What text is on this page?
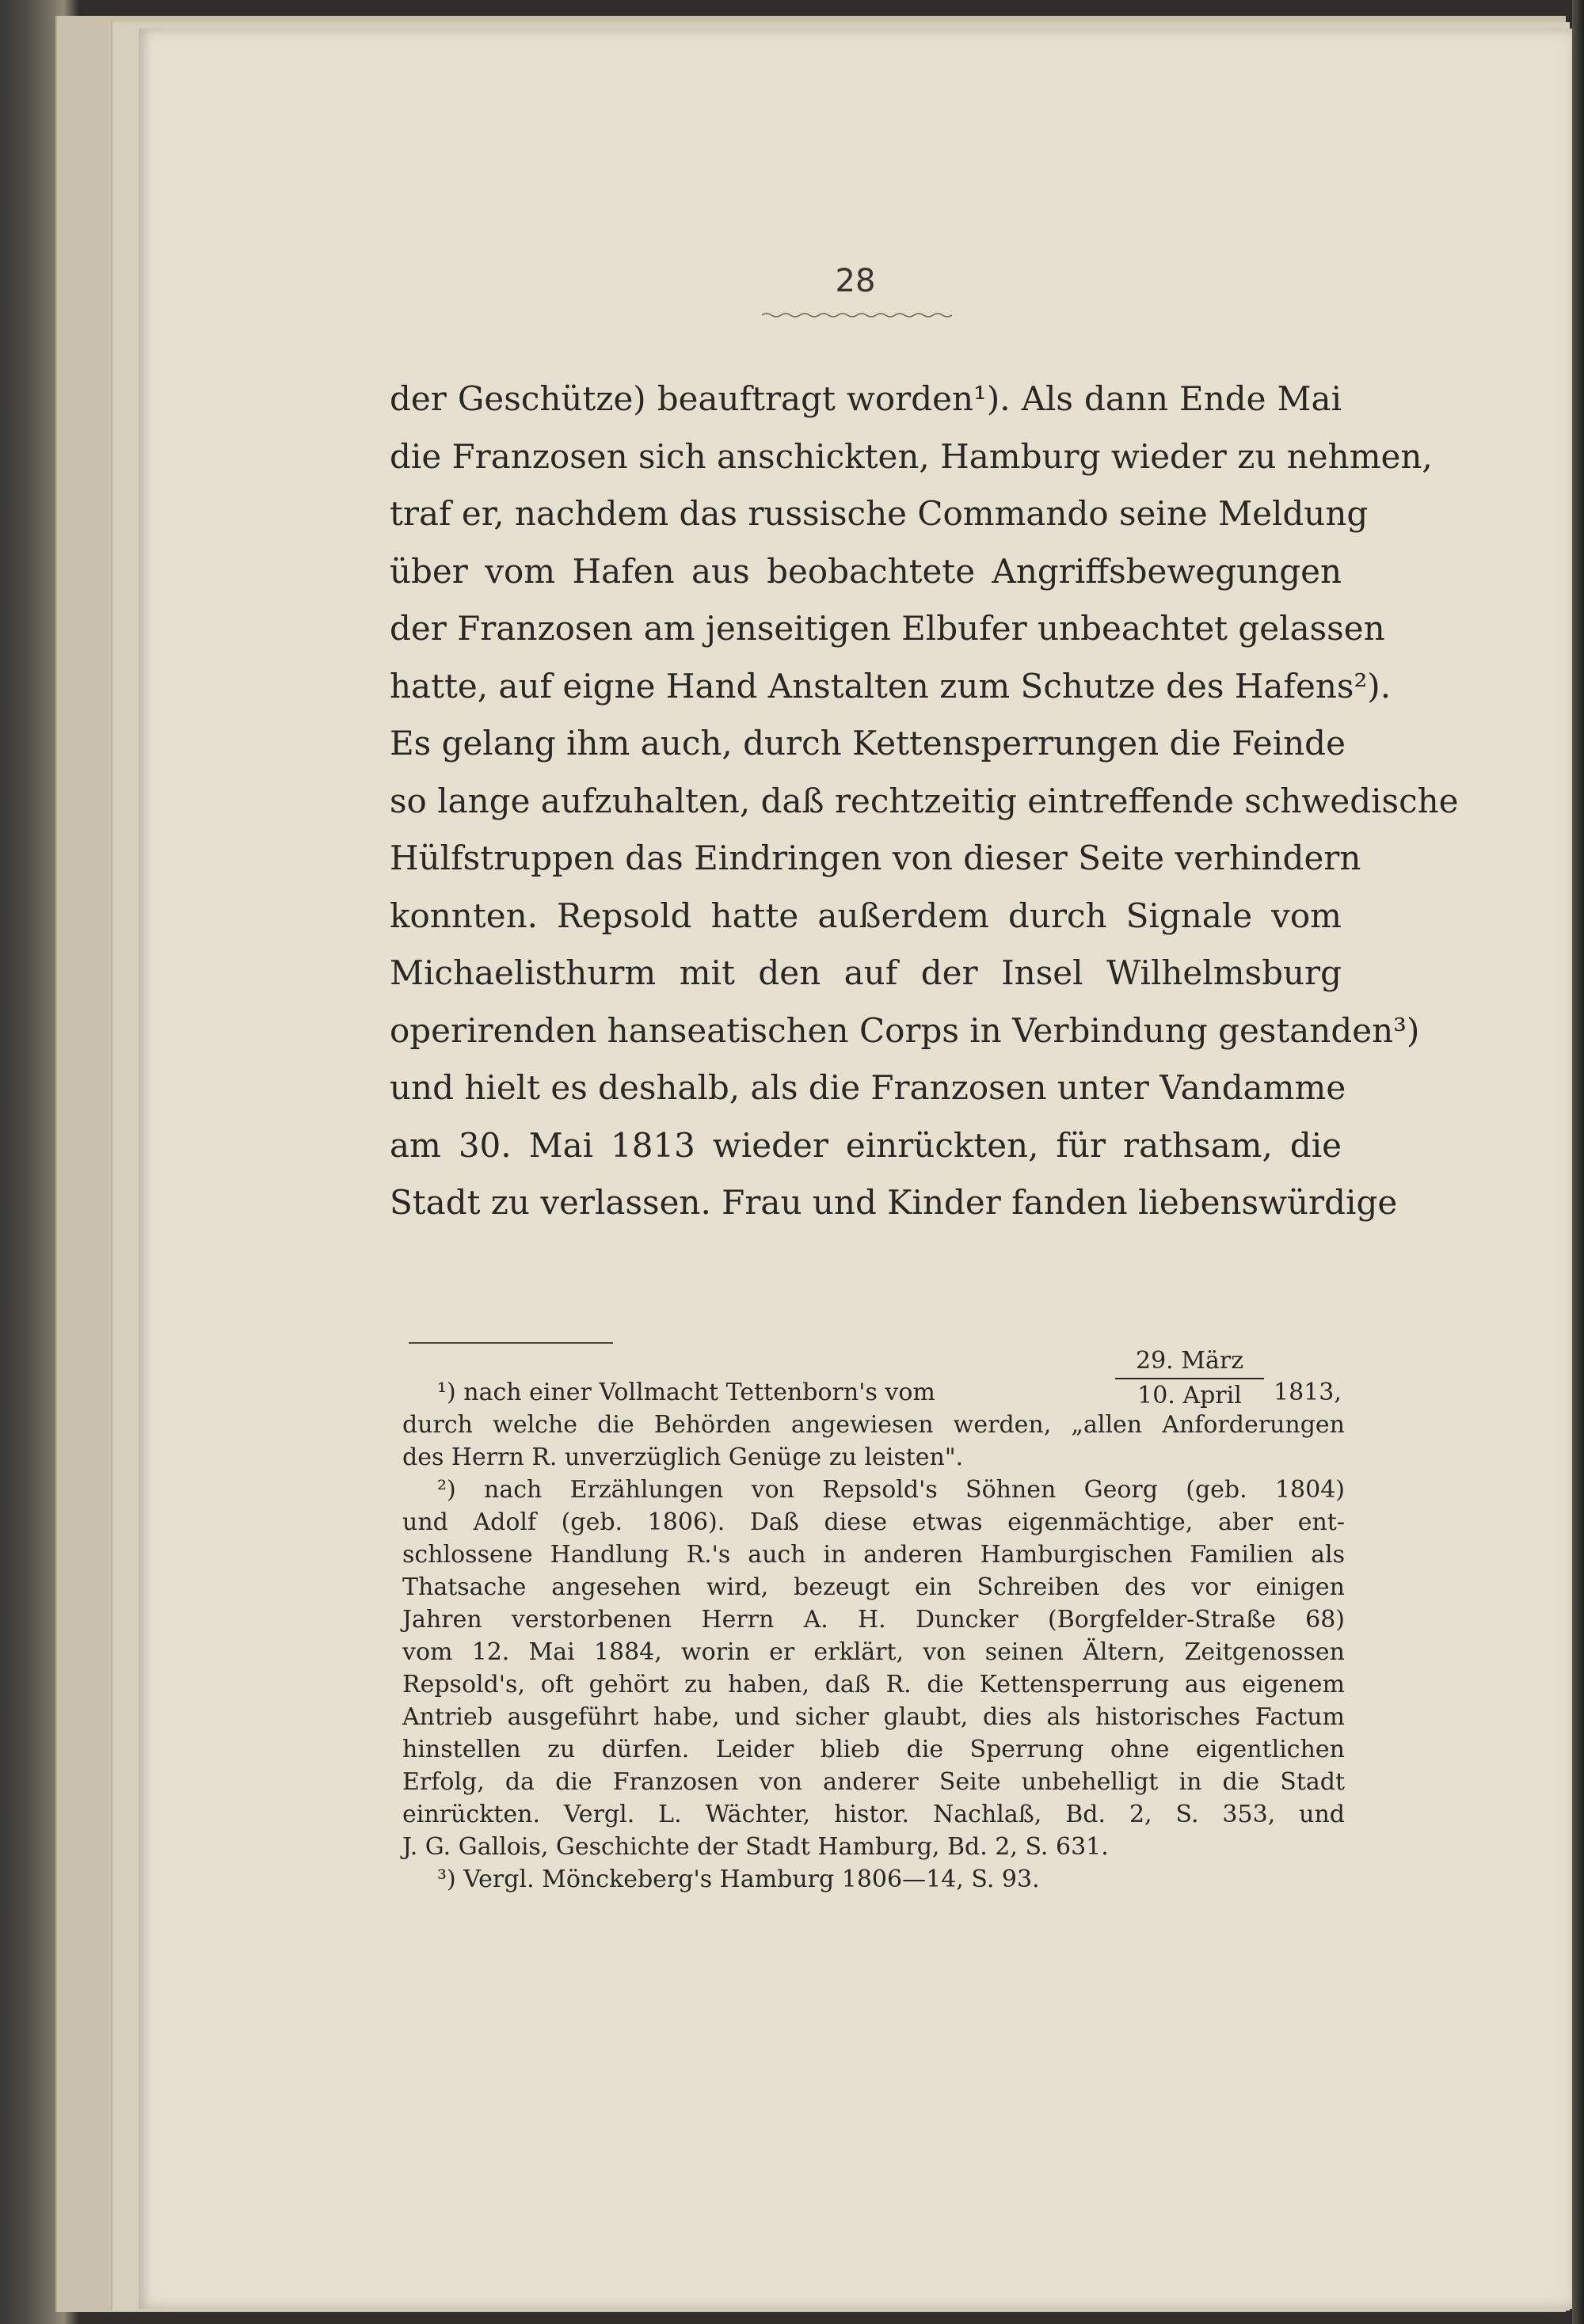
28
der Geschütze) beauftragt worden¹). Als dann Ende Mai
die Franzosen sich anschickten, Hamburg wieder zu nehmen,
traf er, nachdem das russische Commando seine Meldung
über vom Hafen aus beobachtete Angriffsbewegungen
der Franzosen am jenseitigen Elbufer unbeachtet gelassen
hatte, auf eigne Hand Anstalten zum Schutze des Hafens²).
Es gelang ihm auch, durch Kettensperrungen die Feinde
so lange aufzuhalten, daß rechtzeitig eintreffende schwedische
Hülfstruppen das Eindringen von dieser Seite verhindern
konnten. Repsold hatte außerdem durch Signale vom
Michaelisthurm mit den auf der Insel Wilhelmsburg
operirenden hanseatischen Corps in Verbindung gestanden³)
und hielt es deshalb, als die Franzosen unter Vandamme
am 30. Mai 1813 wieder einrückten, für rathsam, die
Stadt zu verlassen. Frau und Kinder fanden liebenswürdige
29. März
10. April	1813,
¹) nach einer Vollmacht Tettenborn's vom
durch welche die Behörden angewiesen werden, „allen Anforderungen
des Herrn R. unverzüglich Genüge zu leisten".
²) nach Erzählungen von Repsold's Söhnen Georg (geb. 1804)
und Adolf (geb. 1806). Daß diese etwas eigenmächtige, aber ent-
schlossene Handlung R.'s auch in anderen Hamburgischen Familien als
Thatsache angesehen wird, bezeugt ein Schreiben des vor einigen
Jahren verstorbenen Herrn A. H. Duncker (Borgfelder-Straße 68)
vom 12. Mai 1884, worin er erklärt, von seinen Ältern, Zeitgenossen
Repsold's, oft gehört zu haben, daß R. die Kettensperrung aus eigenem
Antrieb ausgeführt habe, und sicher glaubt, dies als historisches Factum
hinstellen zu dürfen. Leider blieb die Sperrung ohne eigentlichen
Erfolg, da die Franzosen von anderer Seite unbehelligt in die Stadt
einrückten. Vergl. L. Wächter, histor. Nachlaß, Bd. 2, S. 353, und
J. G. Gallois, Geschichte der Stadt Hamburg, Bd. 2, S. 631.
³) Vergl. Mönckeberg's Hamburg 1806—14, S. 93.
